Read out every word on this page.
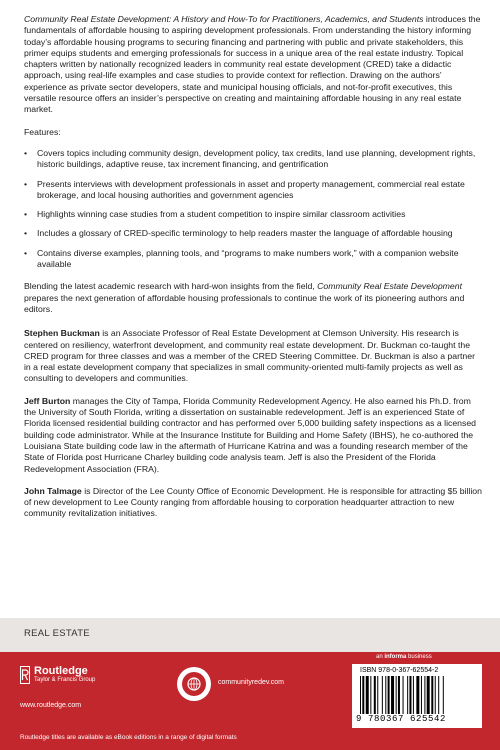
Community Real Estate Development: A History and How-To for Practitioners, Academics, and Students introduces the fundamentals of affordable housing to aspiring development professionals. From understanding the history informing today’s affordable housing programs to securing financing and partnering with public and private stakeholders, this primer equips students and emerging professionals for success in a unique area of the real estate industry. Topical chapters written by nationally recognized leaders in community real estate development (CRED) take a didactic approach, using real-life examples and case studies to provide context for reflection. Drawing on the authors’ experience as private sector developers, state and municipal housing officials, and not-for-profit executives, this versatile resource offers an insider’s perspective on creating and maintaining affordable housing in any real estate market.

Features:

• Covers topics including community design, development policy, tax credits, land use planning, development rights, historic buildings, adaptive reuse, tax increment financing, and gentrification
• Presents interviews with development professionals in asset and property management, commercial real estate brokerage, and local housing authorities and government agencies
• Highlights winning case studies from a student competition to inspire similar classroom activities
• Includes a glossary of CRED-specific terminology to help readers master the language of affordable housing
• Contains diverse examples, planning tools, and “programs to make numbers work,” with a companion website available

Blending the latest academic research with hard-won insights from the field, Community Real Estate Development prepares the next generation of affordable housing professionals to continue the work of its pioneering authors and editors.

Stephen Buckman is an Associate Professor of Real Estate Development at Clemson University. His research is centered on resiliency, waterfront development, and community real estate development. Dr. Buckman co-taught the CRED program for three classes and was a member of the CRED Steering Committee. Dr. Buckman is also a partner in a real estate development company that specializes in small community-oriented multi-family projects as well as consulting to developers and communities.

Jeff Burton manages the City of Tampa, Florida Community Redevelopment Agency. He also earned his Ph.D. from the University of South Florida, writing a dissertation on sustainable redevelopment. Jeff is an experienced State of Florida licensed residential building contractor and has performed over 5,000 building safety inspections as a licensed building code administrator. While at the Insurance Institute for Building and Home Safety (IBHS), he co-authored the Louisiana State building code law in the aftermath of Hurricane Katrina and was a founding research member of the State of Florida post Hurricane Charley building code analysis team. Jeff is also the President of the Florida Redevelopment Association (FRA).

John Talmage is Director of the Lee County Office of Economic Development. He is responsible for attracting $5 billion of new development to Lee County ranging from affordable housing to corporation headquarter attraction to new community revitalization initiatives.

REAL ESTATE
Routledge
Taylor & Francis Group
www.routledge.com
communityredev.com
an informa business
ISBN 978-0-367-62554-2
9 780367 625542
Routledge titles are available as eBook editions in a range of digital formats
